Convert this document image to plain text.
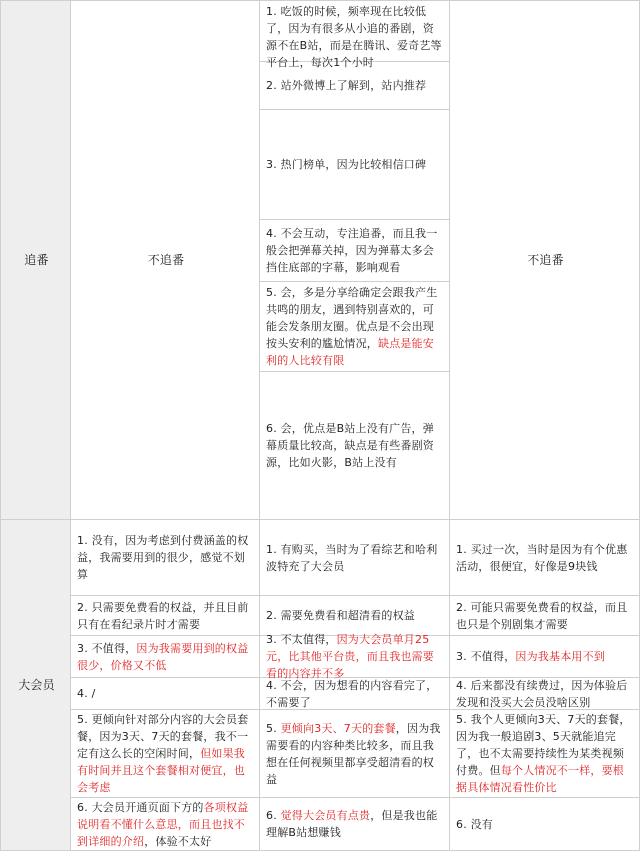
追番	不追番
1. 吃饭的时候，频率现在比较低了，因为有很多从小追的番剧，资源不在B站，而是在腾讯、爱奇艺等平台上，每次1个小时
2. 站外微博上了解到，站内推荐
3. 热门榜单，因为比较相信口碑
4. 不会互动，专注追番，而且我一般会把弹幕关掉，因为弹幕太多会挡住底部的字幕，影响观看
5. 会，多是分享给确定会跟我产生共鸣的朋友，遇到特别喜欢的，可能会发条朋友圈。优点是不会出现按头安利的尴尬情况，缺点是能安利的人比较有限
6. 会，优点是B站上没有广告，弹幕质量比较高，缺点是有些番剧资源，比如火影，B站上没有
不追番
大会员
1. 没有，因为考虑到付费涵盖的权益，我需要用到的很少，感觉不划算
1. 有购买，当时为了看综艺和哈利波特充了大会员
1. 买过一次，当时是因为有个优惠活动，很便宜，好像是9块钱
2. 只需要免费看的权益，并且目前只有在看纪录片时才需要
2. 需要免费看和超清看的权益
2. 可能只需要免费看的权益，而且也只是个别剧集才需要
3. 不值得，因为我需要用到的权益很少，价格又不低
3. 不太值得，因为大会员单月25元，比其他平台贵，而且我也需要看的内容并不多
3. 不值得，因为我基本用不到
4. /
4. 不会，因为想看的内容看完了，不需要了
4. 后来都没有续费过，因为体验后发现和没买大会员没啥区别
5. 更倾向针对部分内容的大会员套餐，因为3天、7天的套餐，我不一定有这么长的空闲时间，但如果我有时间并且这个套餐相对便宜，也会考虑
5. 更倾向3天、7天的套餐，因为我需要看的内容种类比较多，而且我想在任何视频里都享受超清看的权益
5. 我个人更倾向3天、7天的套餐，因为我一般追剧3、5天就能追完了，也不太需要持续性为某类视频付费。但每个人情况不一样，要根据具体情况看性价比
6. 大会员开通页面下方的各项权益说明看不懂什么意思，而且也找不到详细的介绍，体验不太好
6. 觉得大会员有点贵，但是我也能理解B站想赚钱
6. 没有
